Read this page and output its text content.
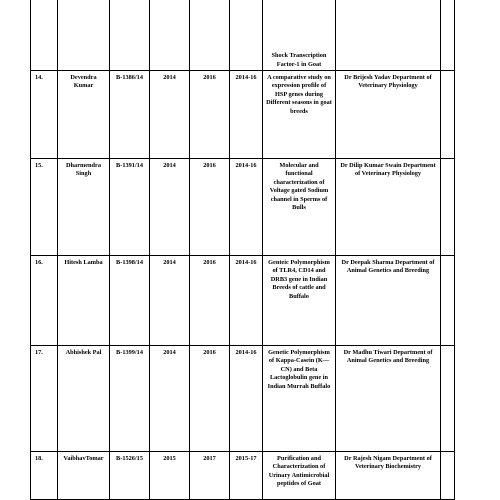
						Shock Transcription
Factor-1 in Goat		

14.	Devendra Kumar	B-1386/14	2014	2016	2014-16	A comparative study on expression profile of HSP genes during Different seasons in goat breeds	Dr Brijesh Yadav Department of Veterinary Physiology	
15.	Dharmendra Singh	B-1391/14	2014	2016	2014-16	Molecular and functional characterization of Voltage gated Sodium channel in Sperms of Bulls	Dr Dilip Kumar Swain Department of Veterinary Physiology	
16.	Hitesh Lamba	B-1398/14	2014	2016	2014-16	Genteic Polymorphism of TLR4, CD14 and DRB3 gene in Indian Breeds of cattle and Buffalo	Dr Deepak Sharma Department of Animal Genetics and Breeding	
17.	Abhishek Pal	B-1399/14	2014	2016	2014-16	Genetic Polymorphism of Kappa-Casein (K—CN) and Beta Lactoglobulin gene in Indian Murrah Buffalo	Dr Madhu Tiwari Department of Animal Genetics and Breeding	
18.	VaibhavTomar	B-1526/15	2015	2017	2015-17	Purification and Characterization of Urinary Antimicrobial peptides of Goat	Dr Rajesh Nigam Department of Veterinary Biochemistry	
